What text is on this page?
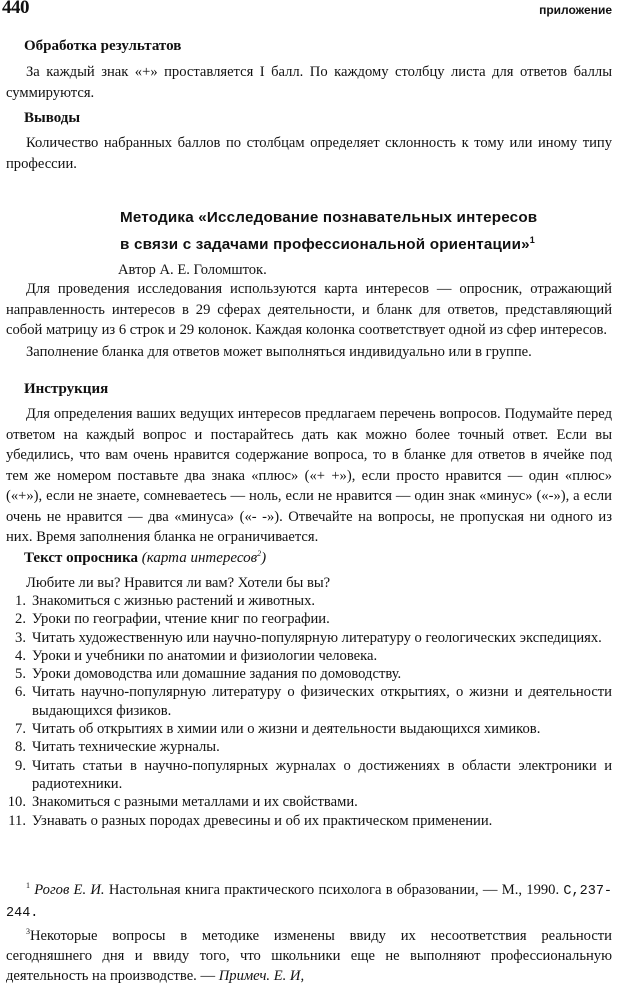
440	приложение

Обработка результатов

За каждый знак «+» проставляется I балл. По каждому столбцу листа для ответов баллы суммируются.

Выводы

Количество набранных баллов по столбцам определяет склонность к тому или иному типу профессии.

Методика «Исследование познавательных интересов
в связи с задачами профессиональной ориентации»$^1$
Автор А. Е. Голомшток.

Для проведения исследования используются карта интересов — опросник, отражающий направленность интересов в 29 сферах деятельности, и бланк для ответов, представляющий собой матрицу из 6 строк и 29 колонок. Каждая колонка соответствует одной из сфер интересов.

Заполнение бланка для ответов может выполняться индивидуально или в группе.

Инструкция

Для определения ваших ведущих интересов предлагаем перечень вопросов. Подумайте перед ответом на каждый вопрос и постарайтесь дать как можно более точный ответ. Если вы убедились, что вам очень нравится содержание вопроса, то в бланке для ответов в ячейке под тем же номером поставьте два знака «плюс» («+ +»), если просто нравится — один «плюс» («+»), если не знаете, сомневаетесь — ноль, если не нравится — один знак «минус» («-»), а если очень не нравится — два «минуса» («- -»). Отвечайте на вопросы, не пропуская ни одного из них. Время заполнения бланка не ограничивается.

Текст опросника (карта интересов$^2$)

Любите ли вы? Нравится ли вам? Хотели бы вы?
1. Знакомиться с жизнью растений и животных.
2. Уроки по географии, чтение книг по географии.
3. Читать художественную или научно-популярную литературу о геологических экспедициях.
4. Уроки и учебники по анатомии и физиологии человека.
5. Уроки домоводства или домашние задания по домоводству.
6. Читать научно-популярную литературу о физических открытиях, о жизни и деятельности выдающихся физиков.
7. Читать об открытиях в химии или о жизни и деятельности выдающихся химиков.
8. Читать технические журналы.
9. Читать статьи в научно-популярных журналах о достижениях в области электроники и радиотехники.
10. Знакомиться с разными металлами и их свойствами.
11. Узнавать о разных породах древесины и об их практическом применении.

$^1$ Рогов Е. И. Настольная книга практического психолога в образовании, — М., 1990. С,237-244.

$^3$Некоторые вопросы в методике изменены ввиду их несоответствия реальности сегодняшнего дня и ввиду того, что школьники еще не выполняют профессиональную деятельность на производстве. — Примеч. Е. И,
